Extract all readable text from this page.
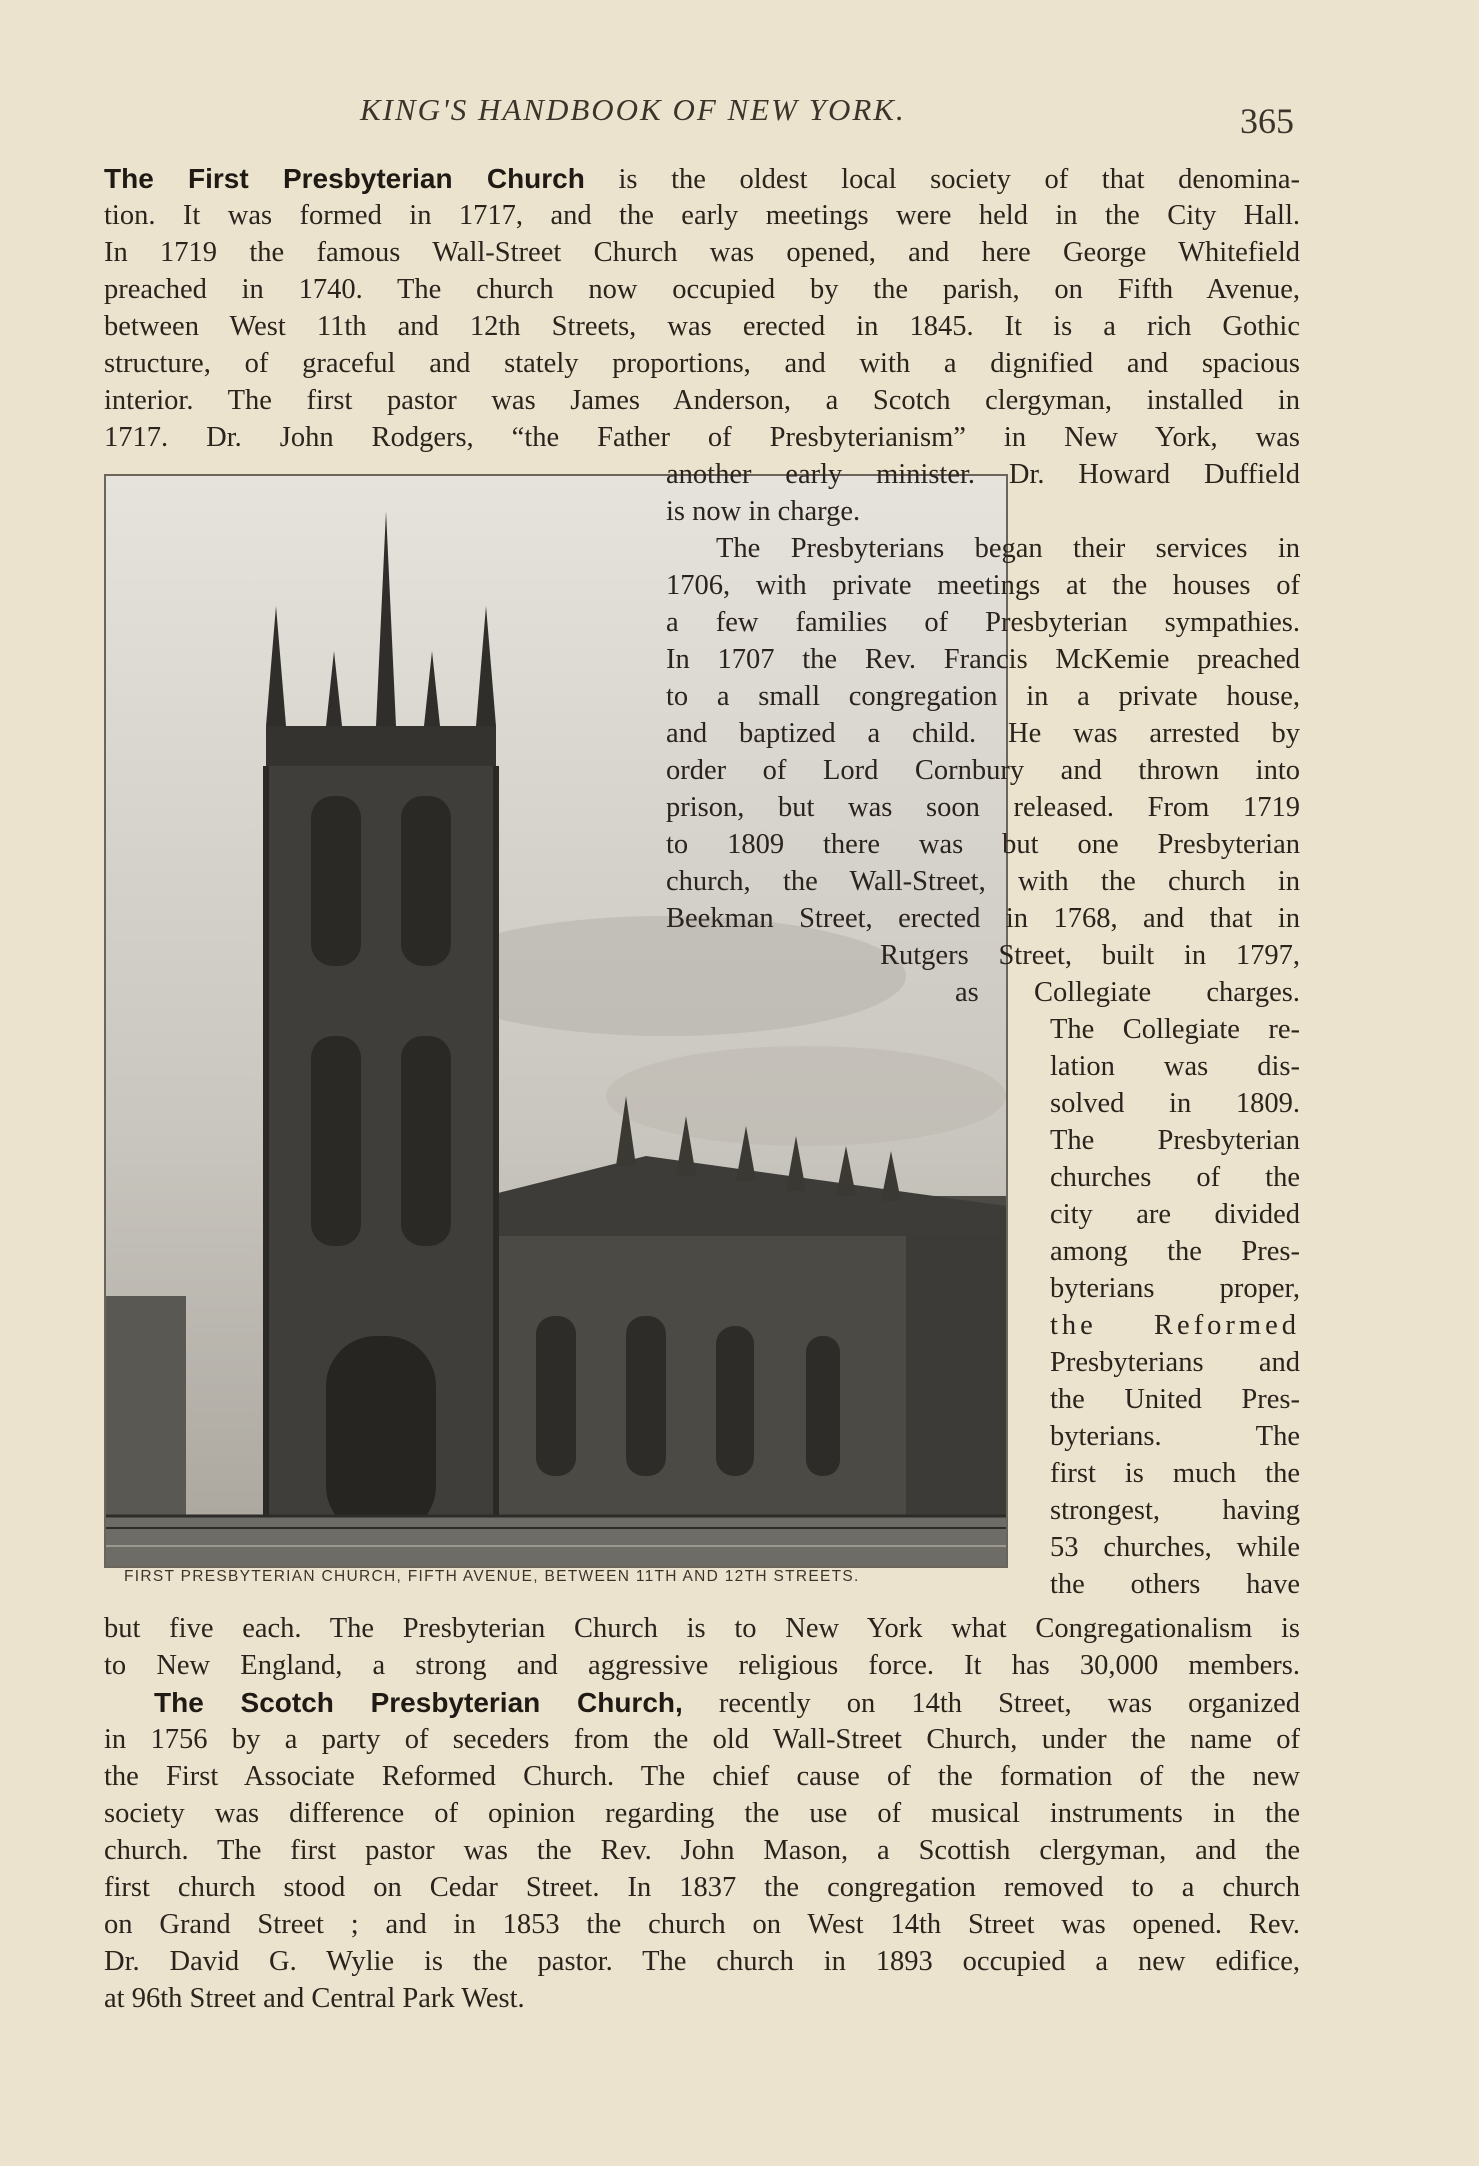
KING'S HANDBOOK OF NEW YORK.	365
FIRST PRESBYTERIAN CHURCH, FIFTH AVENUE, BETWEEN 11TH AND 12TH STREETS.
The First Presbyterian Church is the oldest local society of that denomina-
tion. It was formed in 1717, and the early meetings were held in the City Hall.
In 1719 the famous Wall-Street Church was opened, and here George Whitefield
preached in 1740. The church now occupied by the parish, on Fifth Avenue,
between West 11th and 12th Streets, was erected in 1845. It is a rich Gothic
structure, of graceful and stately proportions, and with a dignified and spacious
interior. The first pastor was James Anderson, a Scotch clergyman, installed in
1717. Dr. John Rodgers, “the Father of Presbyterianism” in New York, was
another early minister. Dr. Howard Duffield
is now in charge.
The Presbyterians began their services in
1706, with private meetings at the houses of
a few families of Presbyterian sympathies.
In 1707 the Rev. Francis McKemie preached
to a small congregation in a private house,
and baptized a child. He was arrested by
order of Lord Cornbury and thrown into
prison, but was soon released. From 1719
to 1809 there was but one Presbyterian
church, the Wall-Street, with the church in
Beekman Street, erected in 1768, and that in
Rutgers Street, built in 1797,
as Collegiate charges.
The Collegiate re-
lation was dis-
solved in 1809.
The Presbyterian
churches of the
city are divided
among the Pres-
byterians proper,
the Reformed
Presbyterians and
the United Pres-
byterians. The
first is much the
strongest, having
53 churches, while
the others have
but five each. The Presbyterian Church is to New York what Congregationalism is
to New England, a strong and aggressive religious force. It has 30,000 members.
The Scotch Presbyterian Church, recently on 14th Street, was organized
in 1756 by a party of seceders from the old Wall-Street Church, under the name of
the First Associate Reformed Church. The chief cause of the formation of the new
society was difference of opinion regarding the use of musical instruments in the
church. The first pastor was the Rev. John Mason, a Scottish clergyman, and the
first church stood on Cedar Street. In 1837 the congregation removed to a church
on Grand Street ; and in 1853 the church on West 14th Street was opened. Rev.
Dr. David G. Wylie is the pastor. The church in 1893 occupied a new edifice,
at 96th Street and Central Park West.
